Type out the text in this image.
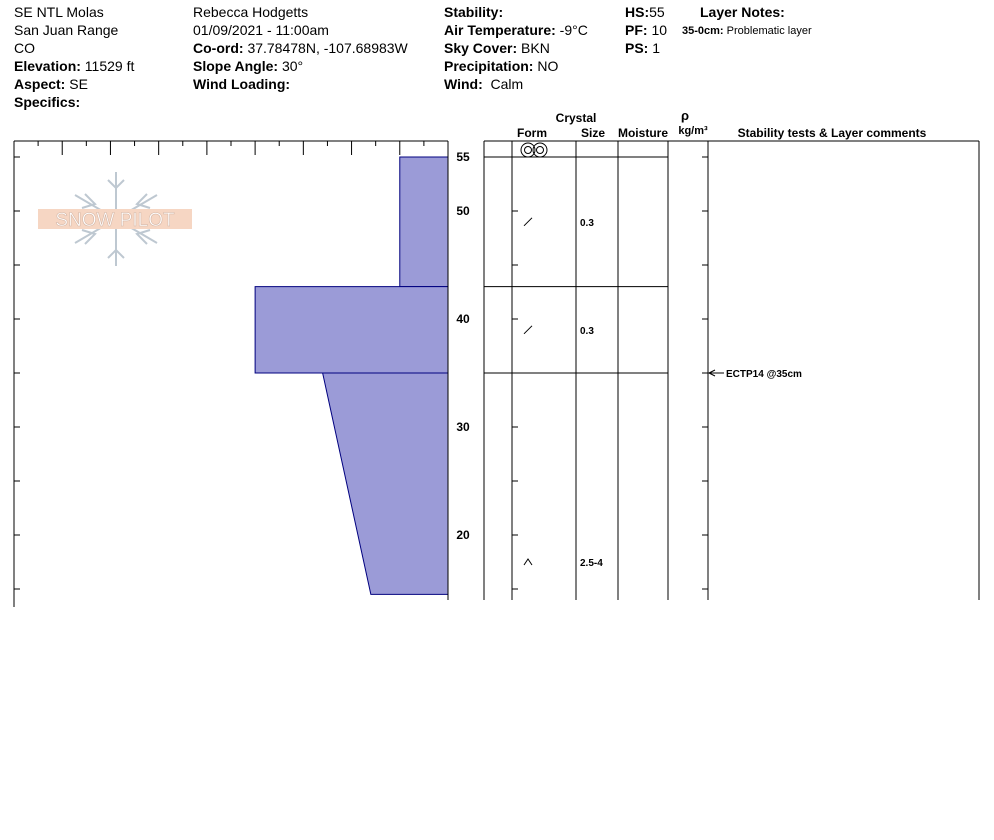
SE NTL Molas
San Juan Range
CO
Elevation: 11529 ft
Aspect: SE
Specifics:
Rebecca Hodgetts
01/09/2021 - 11:00am
Co-ord: 37.78478N, -107.68983W
Slope Angle: 30°
Wind Loading:
Stability:
Air Temperature: -9°C
Sky Cover: BKN
Precipitation: NO
Wind: Calm
HS:55
PF: 10
PS: 1
Layer Notes:
35-0cm: Problematic layer
SNOW PILOT
55
50
40
30
20
Crystal
Form	Size Moisture
ρ
kg/m³ Stability tests & Layer comments
0.3
0.3
2.5-4
ECTP14 @35cm
